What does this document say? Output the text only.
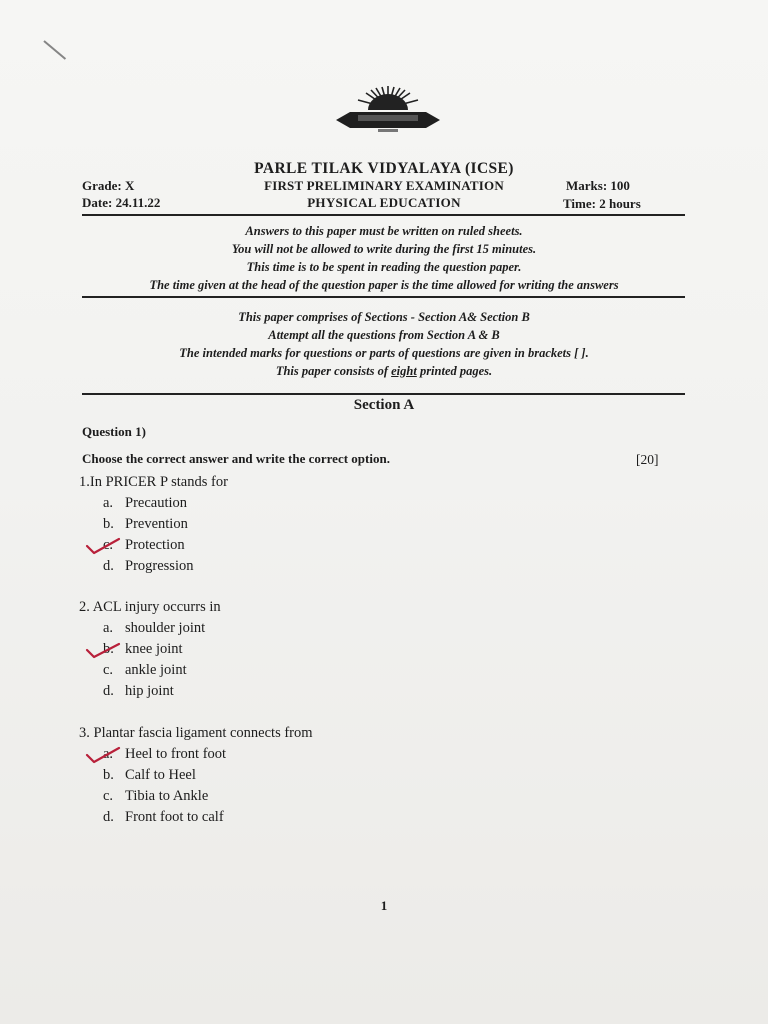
PARLE TILAK VIDYALAYA (ICSE)
FIRST PRELIMINARY EXAMINATION
PHYSICAL EDUCATION
Grade: X
Date: 24.11.22
Marks: 100
Time: 2 hours
Answers to this paper must be written on ruled sheets.
You will not be allowed to write during the first 15 minutes.
This time is to be spent in reading the question paper.
The time given at the head of the question paper is the time allowed for writing the answers
This paper comprises of Sections - Section A& Section B
Attempt all the questions from Section A & B
The intended marks for questions or parts of questions are given in brackets [ ].
This paper consists of eight printed pages.
Section A
Question 1)
Choose the correct answer and write the correct option.	[20]
1.In PRICER P stands for
a. Precaution
b. Prevention
c. Protection
d. Progression
2. ACL injury occurrs in
a. shoulder joint
b. knee joint
c. ankle joint
d. hip joint
3. Plantar fascia ligament connects from
a. Heel to front foot
b. Calf to Heel
c. Tibia to Ankle
d. Front foot to calf
1
